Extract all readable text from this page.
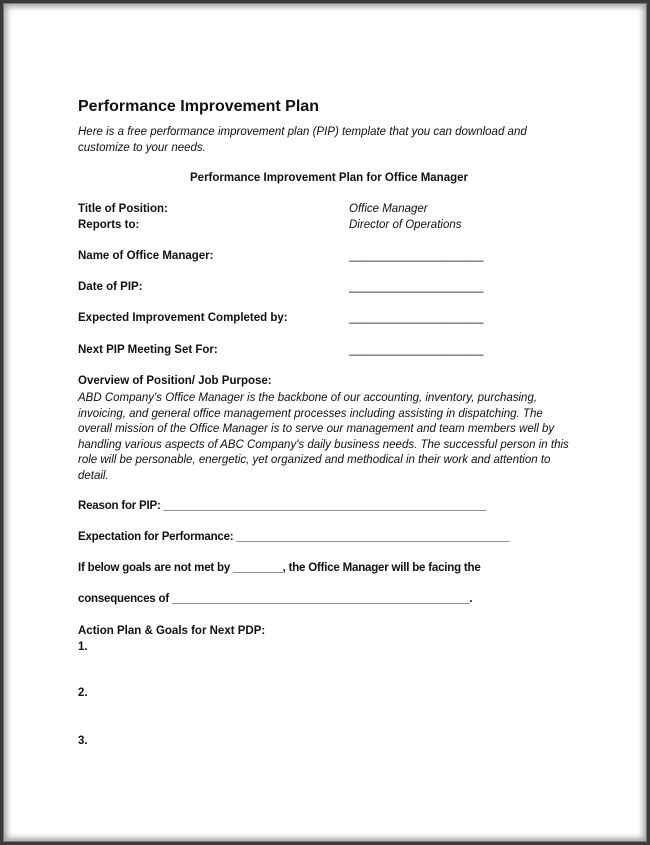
Performance Improvement Plan
Here is a free performance improvement plan (PIP) template that you can download and customize to your needs.
Performance Improvement Plan for Office Manager
Title of Position:	Office Manager
Reports to:	Director of Operations
Name of Office Manager:	______________________
Date of PIP:	______________________
Expected Improvement Completed by:	______________________
Next PIP Meeting Set For:	______________________
Overview of Position/ Job Purpose:
ABD Company's Office Manager is the backbone of our accounting, inventory, purchasing, invoicing, and general office management processes including assisting in dispatching. The overall mission of the Office Manager is to serve our management and team members well by handling various aspects of ABC Company's daily business needs. The successful person in this role will be personable, energetic, yet organized and methodical in their work and attention to detail.
Reason for PIP: ____________________________________________________
Expectation for Performance: ____________________________________________
If below goals are not met by ________, the Office Manager will be facing the
consequences of ________________________________________________.
Action Plan & Goals for Next PDP:
1.
2.
3.
